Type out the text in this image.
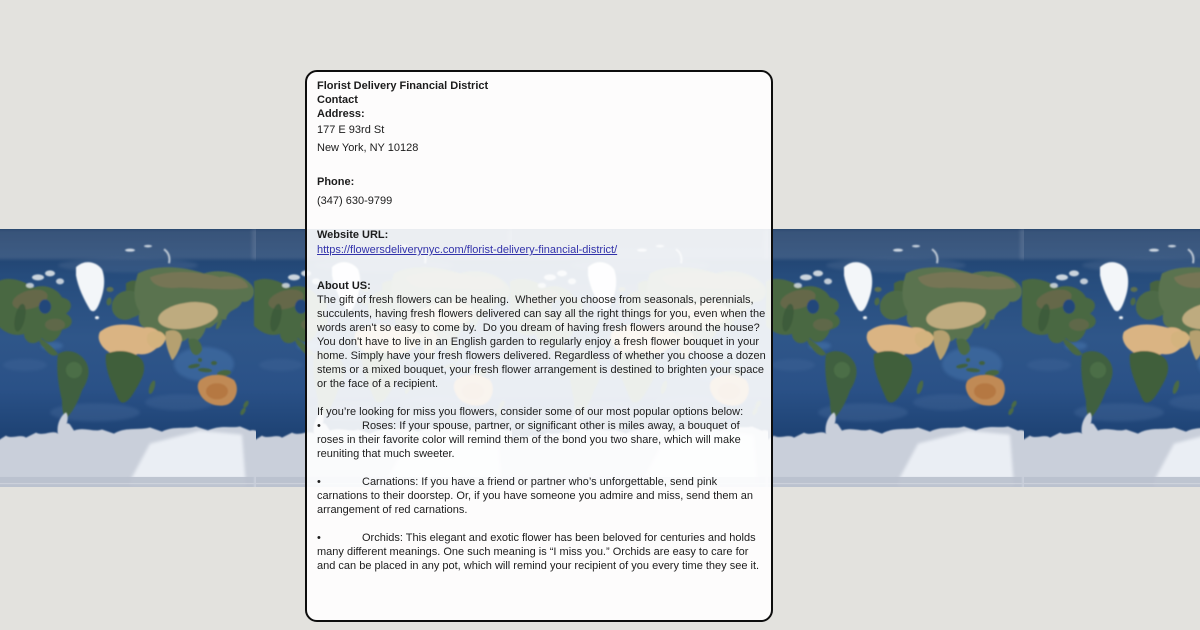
Florist Delivery Financial District
Contact
Address:
177 E 93rd St
New York, NY 10128
Phone:
(347) 630-9799
Website URL:
https://flowersdeliverynyc.com/florist-delivery-financial-district/
About US:

The gift of fresh flowers can be healing.  Whether you choose from seasonals, perennials, succulents, having fresh flowers delivered can say all the right things for you, even when the words aren't so easy to come by.  Do you dream of having fresh flowers around the house?  You don't have to live in an English garden to regularly enjoy a fresh flower bouquet in your home. Simply have your fresh flowers delivered. Regardless of whether you choose a dozen stems or a mixed bouquet, your fresh flower arrangement is destined to brighten your space or the face of a recipient.

If you’re looking for miss you flowers, consider some of our most popular options below:

•	Roses: If your spouse, partner, or significant other is miles away, a bouquet of roses in their favorite color will remind them of the bond you two share, which will make reuniting that much sweeter.

•	Carnations: If you have a friend or partner who’s unforgettable, send pink carnations to their doorstep. Or, if you have someone you admire and miss, send them an arrangement of red carnations.

•	Orchids: This elegant and exotic flower has been beloved for centuries and holds many different meanings. One such meaning is “I miss you.” Orchids are easy to care for and can be placed in any pot, which will remind your recipient of you every time they see it.
